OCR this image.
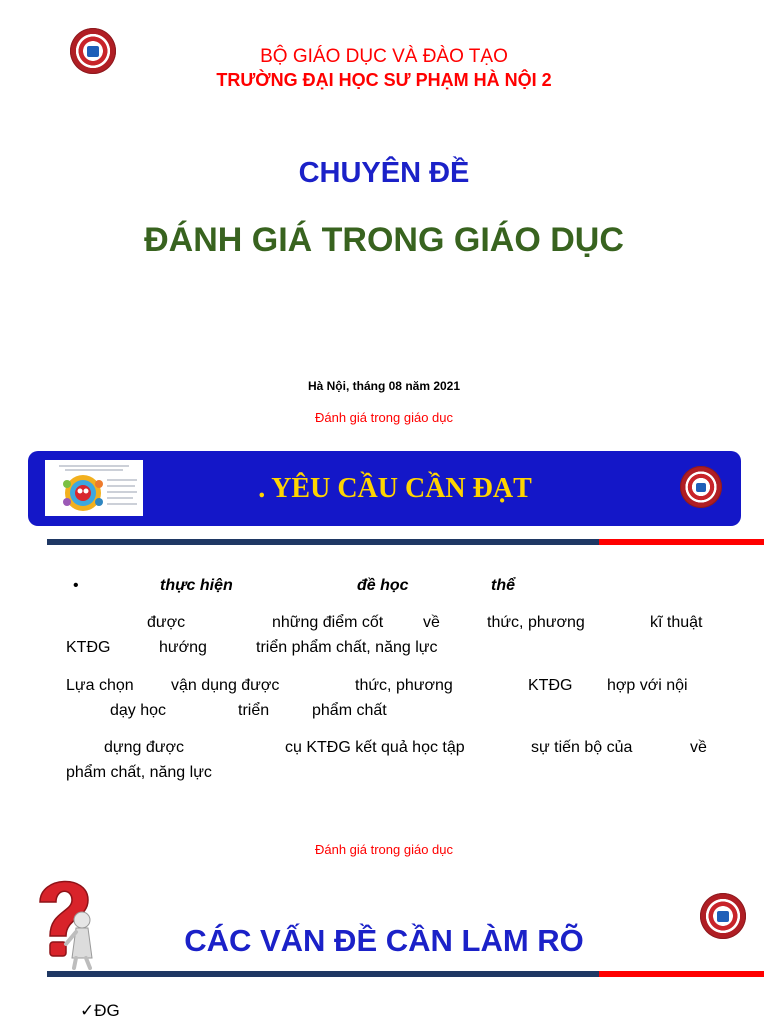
BỘ GIÁO DỤC VÀ ĐÀO TẠO
TRƯỜNG ĐẠI HỌC SƯ PHẠM HÀ NỘI 2
CHUYÊN ĐỀ
ĐÁNH GIÁ TRONG GIÁO DỤC
Hà Nội, tháng 08 năm 2021
Đánh giá trong giáo dục
. YÊU CẦU CẦN ĐẠT
•	thực hiện	đề học	thể
được	những điểm cốt về	thức, phương	kĩ thuật
KTĐG	hướng	triển phẩm chất, năng lực
Lựa chọn vận dụng được	thức, phương	KTĐG hợp với nội
dạy học	triển	phẩm chất
dựng được	cụ KTĐG kết quả học tập	sự tiến bộ của	về
phẩm chất, năng lực
Đánh giá trong giáo dục
CÁC VẤN ĐỀ CẦN LÀM RÕ
✓ĐG
